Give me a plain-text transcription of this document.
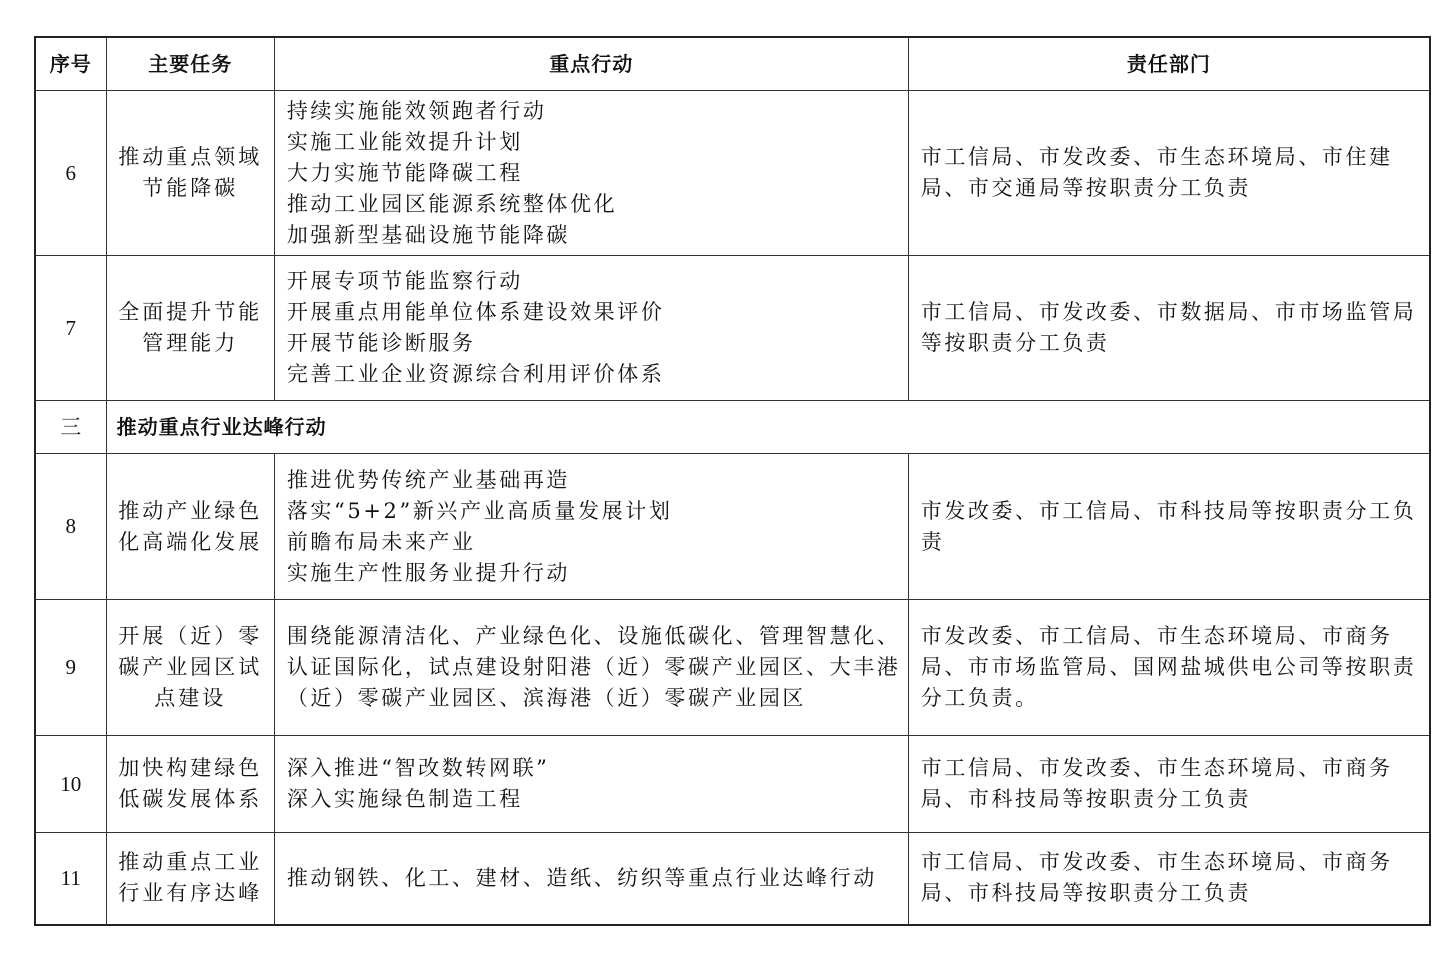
序号	主要任务	重点行动	责任部门
6	推动重点领域节能降碳	持续实施能效领跑者行动
实施工业能效提升计划
大力实施节能降碳工程
推动工业园区能源系统整体优化
加强新型基础设施节能降碳	市工信局、市发改委、市生态环境局、市住建局、市交通局等按职责分工负责
7	全面提升节能管理能力	开展专项节能监察行动
开展重点用能单位体系建设效果评价
开展节能诊断服务
完善工业企业资源综合利用评价体系	市工信局、市发改委、市数据局、市市场监管局等按职责分工负责
三	推动重点行业达峰行动		
8	推动产业绿色化高端化发展	推进优势传统产业基础再造
落实“5+2”新兴产业高质量发展计划
前瞻布局未来产业
实施生产性服务业提升行动	市发改委、市工信局、市科技局等按职责分工负责
9	开展（近）零碳产业园区试点建设	围绕能源清洁化、产业绿色化、设施低碳化、管理智慧化、认证国际化，试点建设射阳港（近）零碳产业园区、大丰港（近）零碳产业园区、滨海港（近）零碳产业园区	市发改委、市工信局、市生态环境局、市商务局、市市场监管局、国网盐城供电公司等按职责分工负责。
10	加快构建绿色低碳发展体系	深入推进“智改数转网联”
深入实施绿色制造工程	市工信局、市发改委、市生态环境局、市商务局、市科技局等按职责分工负责
11	推动重点工业行业有序达峰	推动钢铁、化工、建材、造纸、纺织等重点行业达峰行动	市工信局、市发改委、市生态环境局、市商务局、市科技局等按职责分工负责
